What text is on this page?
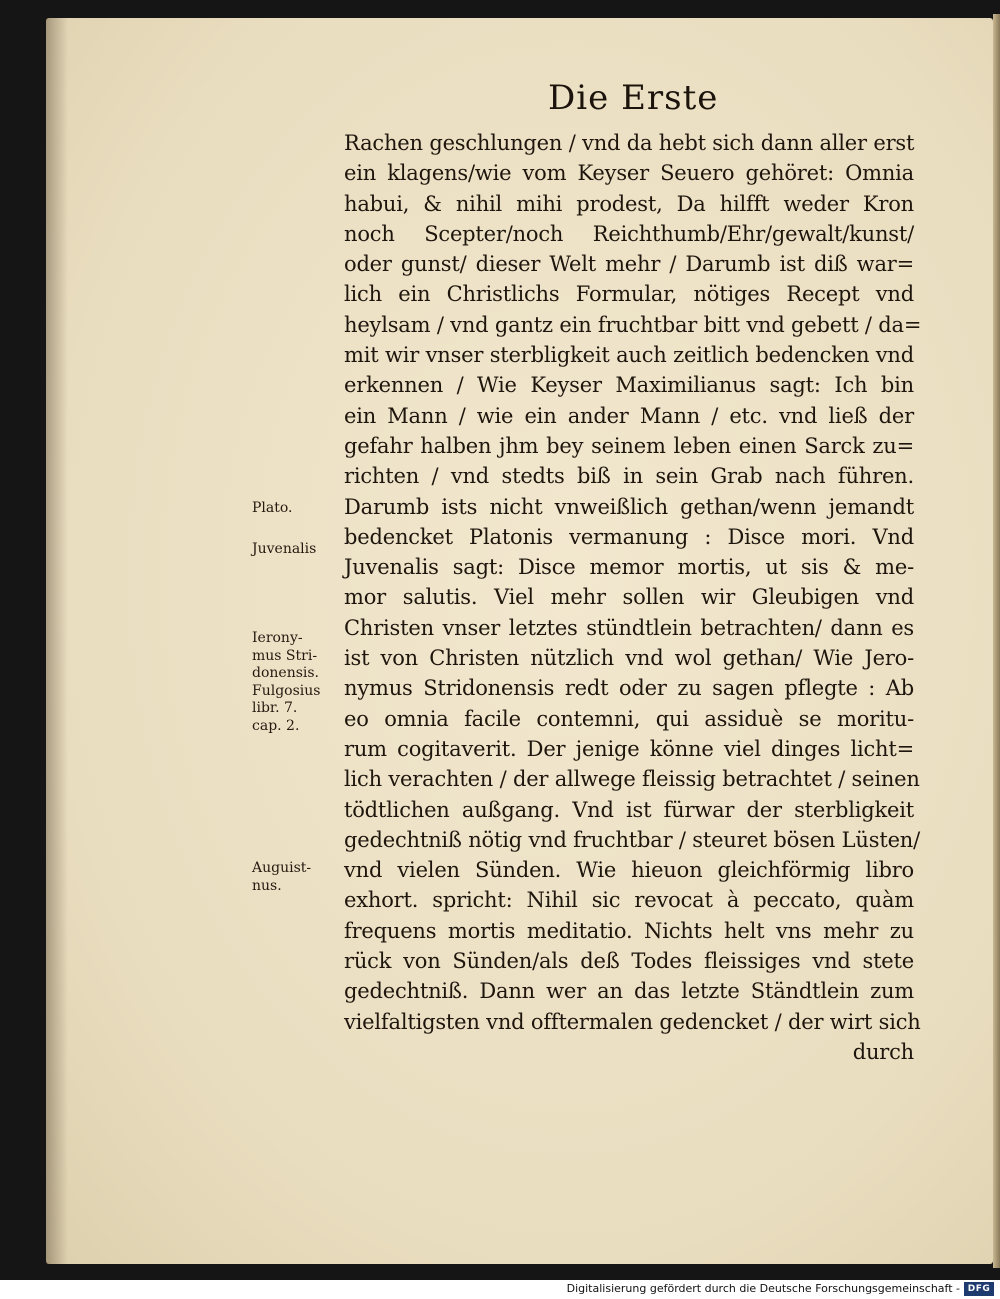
Die Erste
Rachen geschlungen / vnd da hebt sich dann aller erst
ein klagens/wie vom Keyser Seuero gehöret: Omnia
habui, & nihil mihi prodest, Da hilfft weder Kron
noch Scepter/noch Reichthumb/Ehr/gewalt/kunst/
oder gunst/ dieser Welt mehr / Darumb ist diß war=
lich ein Christlichs Formular, nötiges Recept vnd
heylsam / vnd gantz ein fruchtbar bitt vnd gebett / da=
mit wir vnser sterbligkeit auch zeitlich bedencken vnd
erkennen / Wie Keyser Maximilianus sagt: Ich bin
ein Mann / wie ein ander Mann / etc. vnd ließ der
gefahr halben jhm bey seinem leben einen Sarck zu=
richten / vnd stedts biß in sein Grab nach führen.
Darumb ists nicht vnweißlich gethan/wenn jemandt
bedencket Platonis vermanung : Disce mori. Vnd
Juvenalis sagt: Disce memor mortis, ut sis & me-
mor salutis. Viel mehr sollen wir Gleubigen vnd
Christen vnser letztes stündtlein betrachten/ dann es
ist von Christen nützlich vnd wol gethan/ Wie Jero-
nymus Stridonensis redt oder zu sagen pflegte : Ab
eo omnia facile contemni, qui assiduè se moritu-
rum cogitaverit. Der jenige könne viel dinges licht=
lich verachten / der allwege fleissig betrachtet / seinen
tödtlichen außgang. Vnd ist fürwar der sterbligkeit
gedechtniß nötig vnd fruchtbar / steuret bösen Lüsten/
vnd vielen Sünden. Wie hieuon gleichförmig libro
exhort. spricht: Nihil sic revocat à peccato, quàm
frequens mortis meditatio. Nichts helt vns mehr zu
rück von Sünden/als deß Todes fleissiges vnd stete
gedechtniß. Dann wer an das letzte Ständtlein zum
vielfaltigsten vnd offtermalen gedencket / der wirt sich
durch
Plato.
Juvenalis
Ierony-
mus Stri-
donensis.
Fulgosius
libr. 7.
cap. 2.
Auguist-
nus.
Digitalisierung gefördert durch die Deutsche Forschungsgemeinschaft - DFG
